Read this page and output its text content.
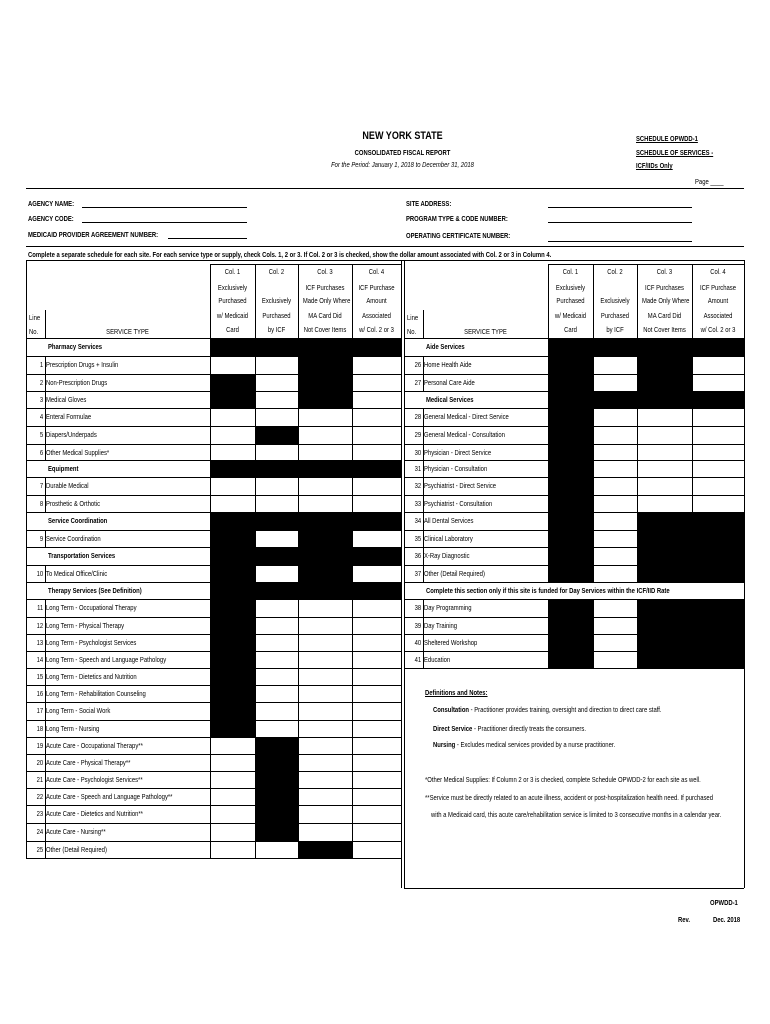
NEW YORK STATE
CONSOLIDATED FISCAL REPORT
For the Period: January 1, 2018 to December 31, 2018
SCHEDULE OPWDD-1
SCHEDULE OF SERVICES -
ICF/IIDs Only
Page ____
AGENCY NAME:
AGENCY CODE:
MEDICAID PROVIDER AGREEMENT NUMBER:
SITE ADDRESS:
PROGRAM TYPE & CODE NUMBER:
OPERATING CERTIFICATE NUMBER:
Complete a separate schedule for each site. For each service type or supply, check Cols. 1, 2 or 3. If Col. 2 or 3 is checked, show the dollar amount associated with Col. 2 or 3 in Column 4.
Line
No.	SERVICE TYPE
Col. 1
Exclusively
Purchased
w/ Medicaid
Card
Col. 2
Exclusively
Purchased
by ICF
Col. 3
ICF Purchases
Made Only Where
MA Card Did
Not Cover Items
Col. 4
ICF Purchase
Amount
Associated
w/ Col. 2 or 3
Line
No.	SERVICE TYPE
Col. 1
Exclusively
Purchased
w/ Medicaid
Card
Col. 2
Exclusively
Purchased
by ICF
Col. 3
ICF Purchases
Made Only Where
MA Card Did
Not Cover Items
Col. 4
ICF Purchase
Amount
Associated
w/ Col. 2 or 3
Pharmacy Services
1 Prescription Drugs + Insulin
2 Non-Prescription Drugs
3 Medical Gloves
4 Enteral Formulae
5 Diapers/Underpads
6 Other Medical Supplies*
Equipment
7 Durable Medical
8 Prosthetic & Orthotic
Service Coordination
9 Service Coordination
Transportation Services
10 To Medical Office/Clinic
Therapy Services (See Definition)
11 Long Term - Occupational Therapy
12 Long Term - Physical Therapy
13 Long Term - Psychologist Services
14 Long Term - Speech and Language Pathology
15 Long Term - Dietetics and Nutrition
16 Long Term - Rehabilitation Counseling
17 Long Term - Social Work
18 Long Term - Nursing
19 Acute Care - Occupational Therapy**
20 Acute Care - Physical Therapy**
21 Acute Care - Psychologist Services**
22 Acute Care - Speech and Language Pathology**
23 Acute Care - Dietetics and Nutrition**
24 Acute Care - Nursing**
25 Other (Detail Required)
Aide Services
26 Home Health Aide
27 Personal Care Aide
Medical Services
28 General Medical - Direct Service
29 General Medical - Consultation
30 Physician - Direct Service
31 Physician - Consultation
32 Psychiatrist - Direct Service
33 Psychiatrist - Consultation
34 All Dental Services
35 Clinical Laboratory
36 X-Ray Diagnostic
37 Other (Detail Required)
Complete this section only if this site is funded for Day Services within the ICF/IID Rate
38 Day Programming
39 Day Training
40 Sheltered Workshop
41 Education
Definitions and Notes:
Consultation - Practitioner provides training, oversight and direction to direct care staff.
Direct Service - Practitioner directly treats the consumers.
Nursing - Excludes medical services provided by a nurse practitioner.
*Other Medical Supplies: If Column 2 or 3 is checked, complete Schedule OPWDD-2 for each site as well.
**Service must be directly related to an acute illness, accident or post-hospitalization health need. If purchased
with a Medicaid card, this acute care/rehabilitation service is limited to 3 consecutive months in a calendar year.
OPWDD-1
Rev.	Dec. 2018
